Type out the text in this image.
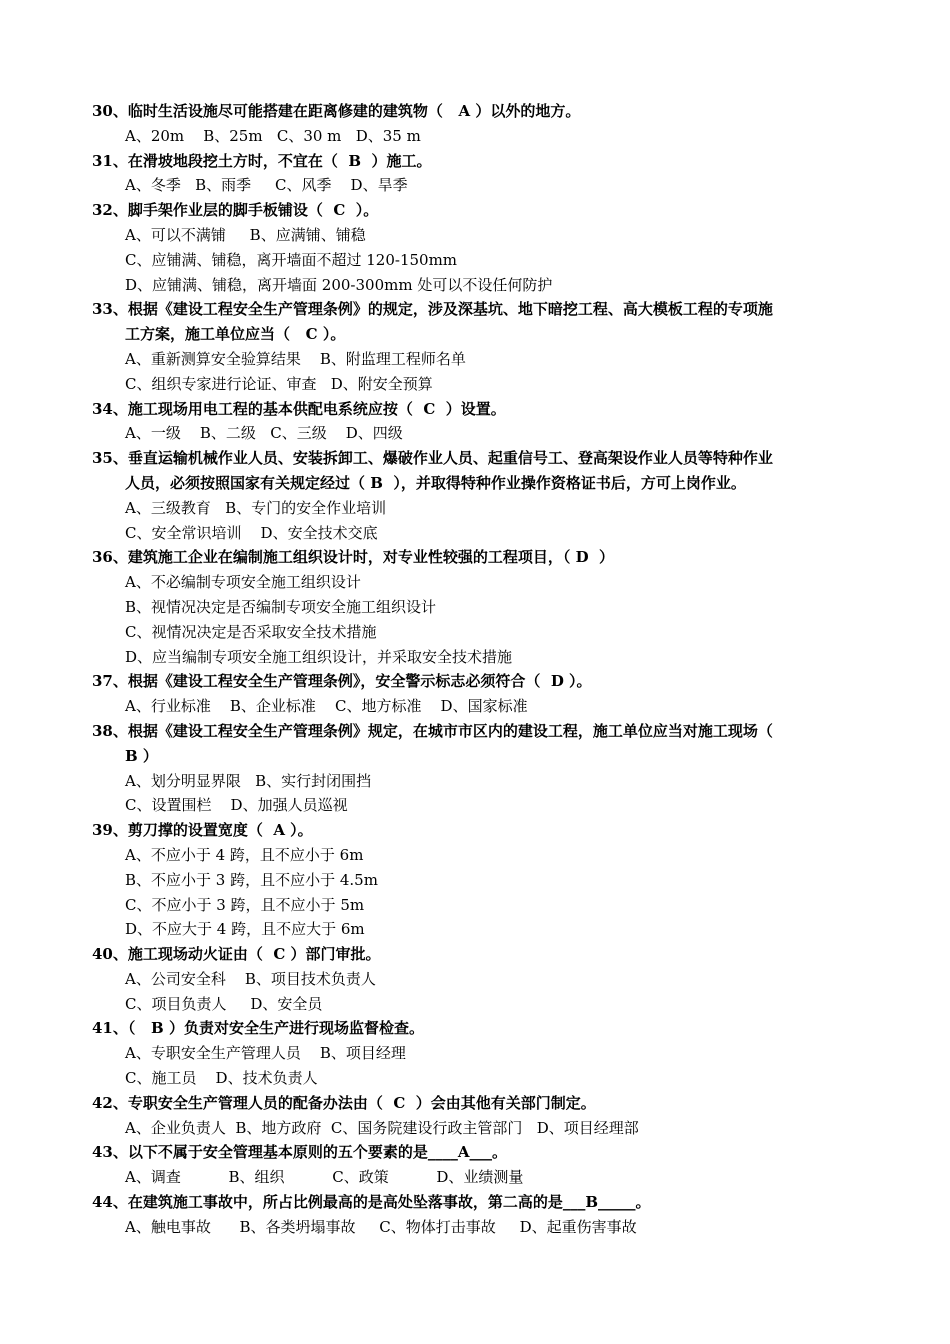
30、临时生活设施尽可能搭建在距离修建的建筑物（   A ）以外的地方。
A、20m    B、25m   C、30 m   D、35 m
31、在滑坡地段挖土方时，不宜在（  B  ）施工。
A、冬季   B、雨季     C、风季    D、旱季
32、脚手架作业层的脚手板铺设（  C  ）。
A、可以不满铺     B、应满铺、铺稳
C、应铺满、铺稳，离开墙面不超过 120-150mm
D、应铺满、铺稳，离开墙面 200-300mm 处可以不设任何防护
33、根据《建设工程安全生产管理条例》的规定，涉及深基坑、地下暗挖工程、高大模板工程的专项施
工方案，施工单位应当（   C ）。
A、重新测算安全验算结果    B、附监理工程师名单
C、组织专家进行论证、审查   D、附安全预算
34、施工现场用电工程的基本供配电系统应按（  C  ）设置。
A、一级    B、二级   C、三级    D、四级
35、垂直运输机械作业人员、安装拆卸工、爆破作业人员、起重信号工、登高架设作业人员等特种作业
人员，必须按照国家有关规定经过（ B  ），并取得特种作业操作资格证书后，方可上岗作业。
A、三级教育   B、专门的安全作业培训
C、安全常识培训    D、安全技术交底
36、建筑施工企业在编制施工组织设计时，对专业性较强的工程项目，（ D  ）
A、不必编制专项安全施工组织设计
B、视情况决定是否编制专项安全施工组织设计
C、视情况决定是否采取安全技术措施
D、应当编制专项安全施工组织设计，并采取安全技术措施
37、根据《建设工程安全生产管理条例》，安全警示标志必须符合（  D ）。
A、行业标准    B、企业标准    C、地方标准    D、国家标准
38、根据《建设工程安全生产管理条例》规定，在城市市区内的建设工程，施工单位应当对施工现场（
B ）
A、划分明显界限   B、实行封闭围挡
C、设置围栏    D、加强人员巡视
39、剪刀撑的设置宽度（  A ）。
A、不应小于 4 跨，且不应小于 6m
B、不应小于 3 跨，且不应小于 4.5m
C、不应小于 3 跨，且不应小于 5m
D、不应大于 4 跨，且不应大于 6m
40、施工现场动火证由（  C ）部门审批。
A、公司安全科    B、项目技术负责人
C、项目负责人     D、安全员
41、（   B ）负责对安全生产进行现场监督检查。
A、专职安全生产管理人员    B、项目经理
C、施工员    D、技术负责人
42、专职安全生产管理人员的配备办法由（  C  ）会由其他有关部门制定。
A、企业负责人  B、地方政府  C、国务院建设行政主管部门   D、项目经理部
43、以下不属于安全管理基本原则的五个要素的是____A___。
A、调查          B、组织          C、政策          D、业绩测量
44、在建筑施工事故中，所占比例最高的是高处坠落事故，第二高的是___B_____。
A、触电事故      B、各类坍塌事故     C、物体打击事故     D、起重伤害事故
